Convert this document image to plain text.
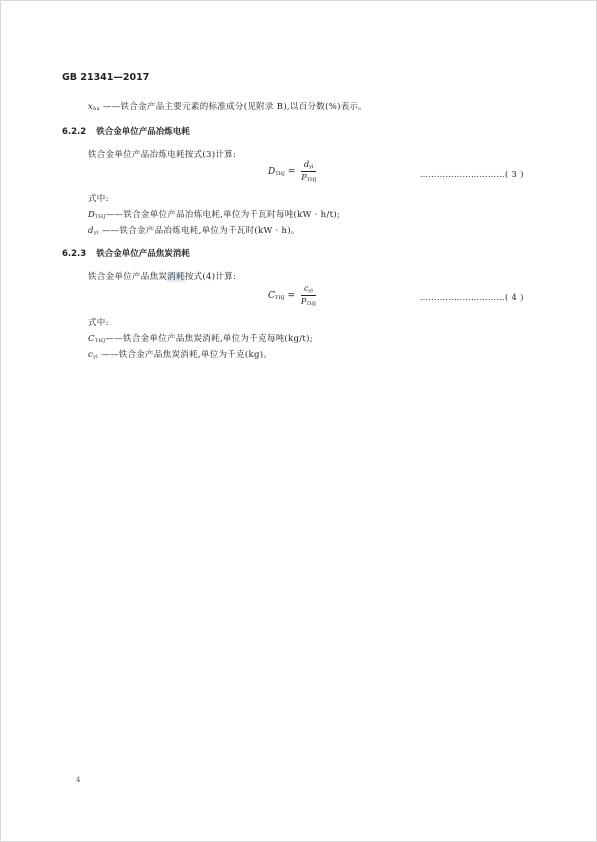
GB 21341—2017
$x_{ba}$ ——铁合金产品主要元素的标准成分(见附录 B),以百分数(%)表示。
6.2.2 铁合金单位产品冶炼电耗
铁合金单位产品冶炼电耗按式(3)计算:
$D_{THJ} = \frac{d_{yl}}{P_{THJ}}$	…………………………( 3 )
式中:
$D_{THJ}——$铁合金单位产品冶炼电耗,单位为千瓦时每吨(kW · h/t);
$d_{yl}$ ——铁合金产品冶炼电耗,单位为千瓦时(kW · h)。
6.2.3 铁合金单位产品焦炭消耗
铁合金单位产品焦炭消耗按式(4)计算:
$C_{THJ} = \frac{c_{yl}}{P_{THJ}}$	…………………………( 4 )
式中:
$C_{THJ}——$铁合金单位产品焦炭消耗,单位为千克每吨(kg/t);
$c_{yl}$ ——铁合金产品焦炭消耗,单位为千克(kg)。
4
